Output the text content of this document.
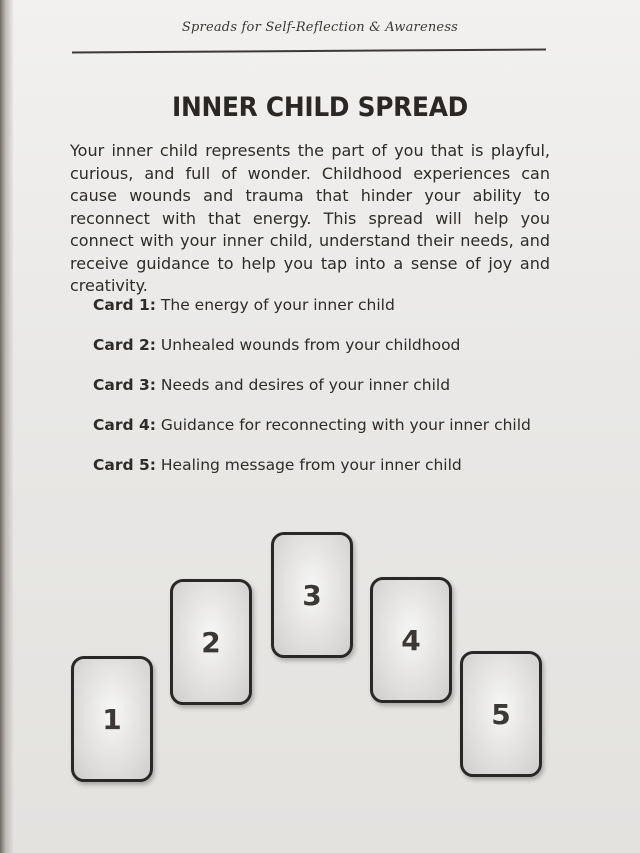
Spreads for Self-Reflection & Awareness
INNER CHILD SPREAD

Your inner child represents the part of you that is playful, curious, and full of wonder. Childhood experiences can cause wounds and trauma that hinder your ability to reconnect with that energy. This spread will help you connect with your inner child, understand their needs, and receive guidance to help you tap into a sense of joy and creativity.

Card 1: The energy of your inner child
Card 2: Unhealed wounds from your childhood
Card 3: Needs and desires of your inner child
Card 4: Guidance for reconnecting with your inner child
Card 5: Healing message from your inner child
1
2
3
4
5
